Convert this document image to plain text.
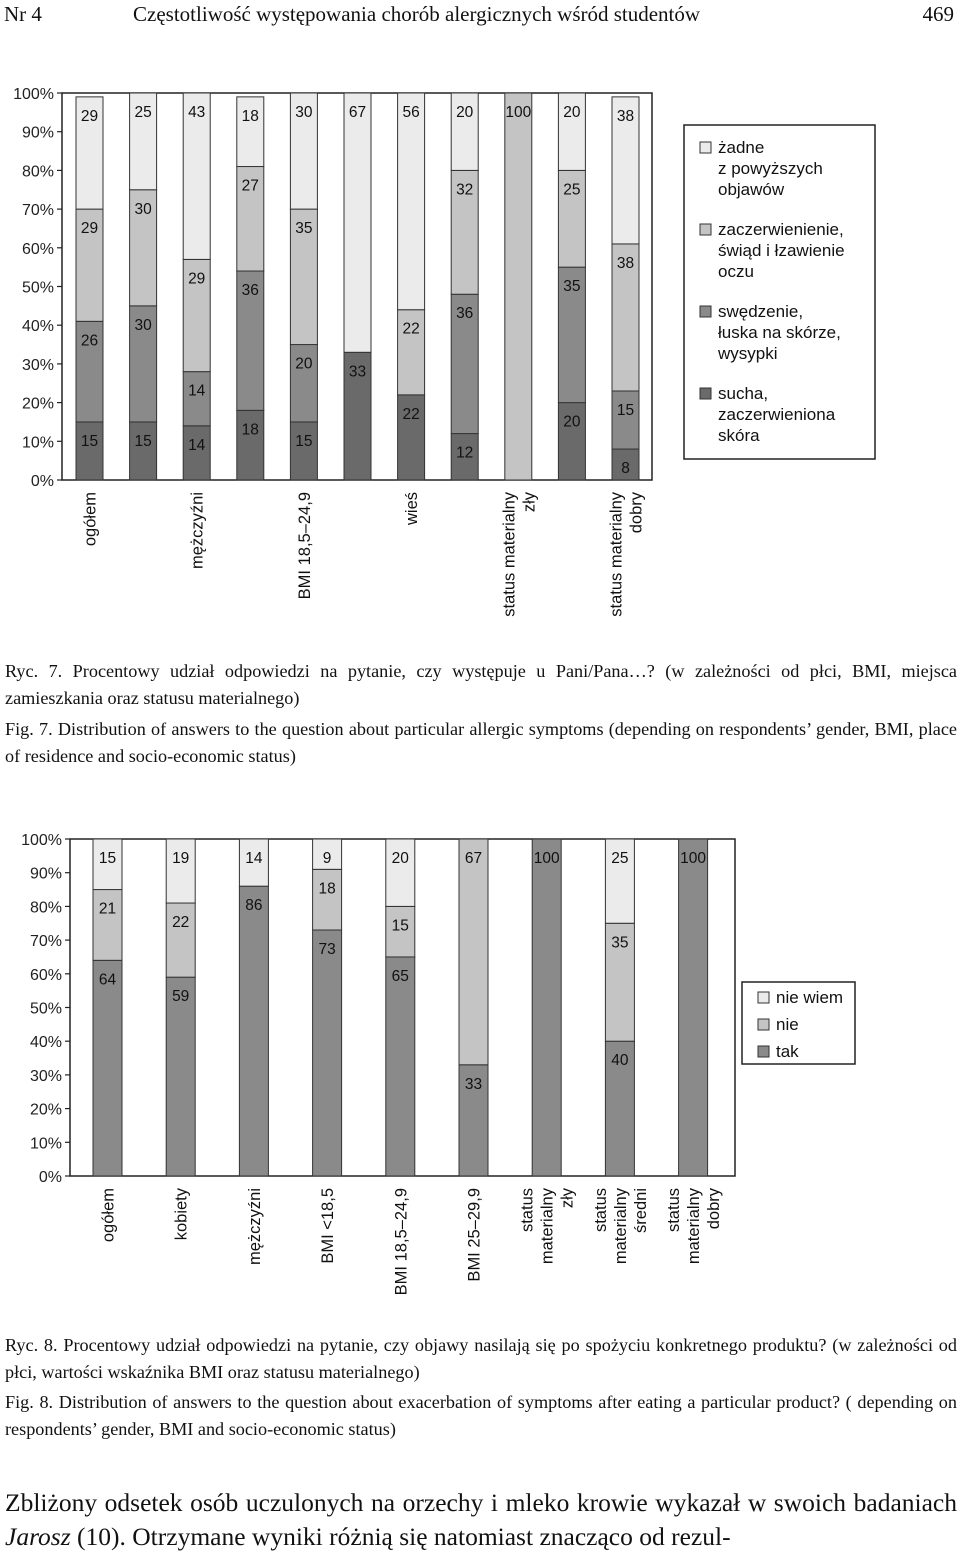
Nr 4	Częstotliwość występowania chorób alergicznych wśród studentów	469
0%
10%
20%
30%
40%
50%
60%
70%
80%
90%
100%
15
26
29
29
ogółem
15
30
30
25
14
14
29
43
mężczyźni
18
36
27
18
15
20
35
30
BMI 18,5–24,9
33
67
22
22
56
wieś
12
36
32
20 100
status materialny zły
20
35
25
20
8
15
38
38
status materialny dobry
żadne
z powyższych
objawów
zaczerwienienie,
świąd i łzawienie
oczu
swędzenie,
łuska na skórze,
wysypki
sucha,
zaczerwieniona
skóra

Ryc. 7. Procentowy udział odpowiedzi na pytanie, czy występuje u Pani/Pana…? (w zależności od płci, BMI, miejsca zamieszkania oraz statusu materialnego)

Fig. 7. Distribution of answers to the question about particular allergic symptoms (depending on respondents’ gender, BMI, place of residence and socio-economic status)

0%
10%
20%
30%
40%
50%
60%
70%
80%
90%
100%
64
21
15
ogółem
59
22
19
kobiety
86
14
mężczyźni
73
18
9
BMI <18,5
65
15
20
BMI 18,5–24,9
33
67
BMI 25–29,9
100
status materialny zły
40
35
25
status materialny średni
100
status materialny dobry
nie wiem
nie
tak

Ryc. 8. Procentowy udział odpowiedzi na pytanie, czy objawy nasilają się po spożyciu konkretnego produktu? (w zależności od płci, wartości wskaźnika BMI oraz statusu materialnego)

Fig. 8. Distribution of answers to the question about exacerbation of symptoms after eating a particular product? ( depending on respondents’ gender, BMI and socio-economic status)

Zbliżony odsetek osób uczulonych na orzechy i mleko krowie wykazał w swoich badaniach Jarosz (10). Otrzymane wyniki różnią się natomiast znacząco od rezul-
